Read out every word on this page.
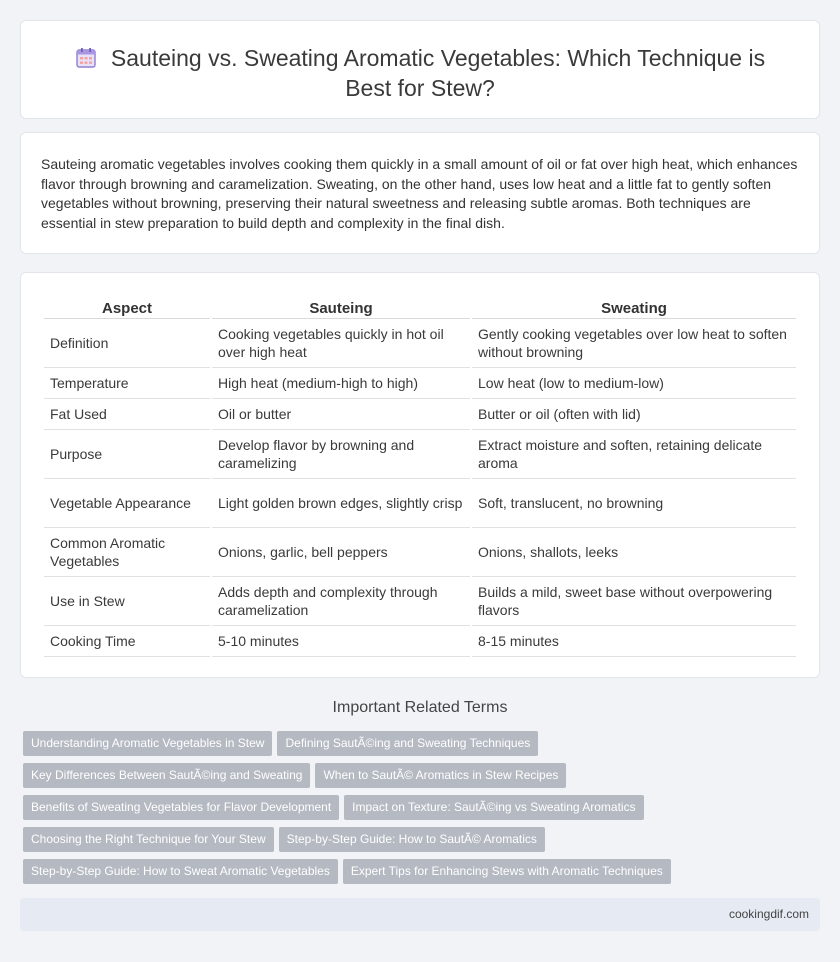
Sauteing vs. Sweating Aromatic Vegetables: Which Technique is Best for Stew?

Sauteing aromatic vegetables involves cooking them quickly in a small amount of oil or fat over high heat, which enhances flavor through browning and caramelization. Sweating, on the other hand, uses low heat and a little fat to gently soften vegetables without browning, preserving their natural sweetness and releasing subtle aromas. Both techniques are essential in stew preparation to build depth and complexity in the final dish.

Aspect	Sauteing	Sweating
Definition	Cooking vegetables quickly in hot oil over high heat	Gently cooking vegetables over low heat to soften without browning
Temperature	High heat (medium-high to high)	Low heat (low to medium-low)
Fat Used	Oil or butter	Butter or oil (often with lid)
Purpose	Develop flavor by browning and caramelizing	Extract moisture and soften, retaining delicate aroma
Vegetable Appearance	Light golden brown edges, slightly crisp	Soft, translucent, no browning
Common Aromatic Vegetables	Onions, garlic, bell peppers	Onions, shallots, leeks
Use in Stew	Adds depth and complexity through caramelization	Builds a mild, sweet base without overpowering flavors
Cooking Time	5-10 minutes	8-15 minutes
Important Related Terms
Understanding Aromatic Vegetables in Stew Defining SautÃ©ing and Sweating Techniques
Key Differences Between SautÃ©ing and Sweating When to SautÃ© Aromatics in Stew Recipes
Benefits of Sweating Vegetables for Flavor Development Impact on Texture: SautÃ©ing vs Sweating Aromatics
Choosing the Right Technique for Your Stew Step-by-Step Guide: How to SautÃ© Aromatics
Step-by-Step Guide: How to Sweat Aromatic Vegetables Expert Tips for Enhancing Stews with Aromatic Techniques
cookingdif.com
